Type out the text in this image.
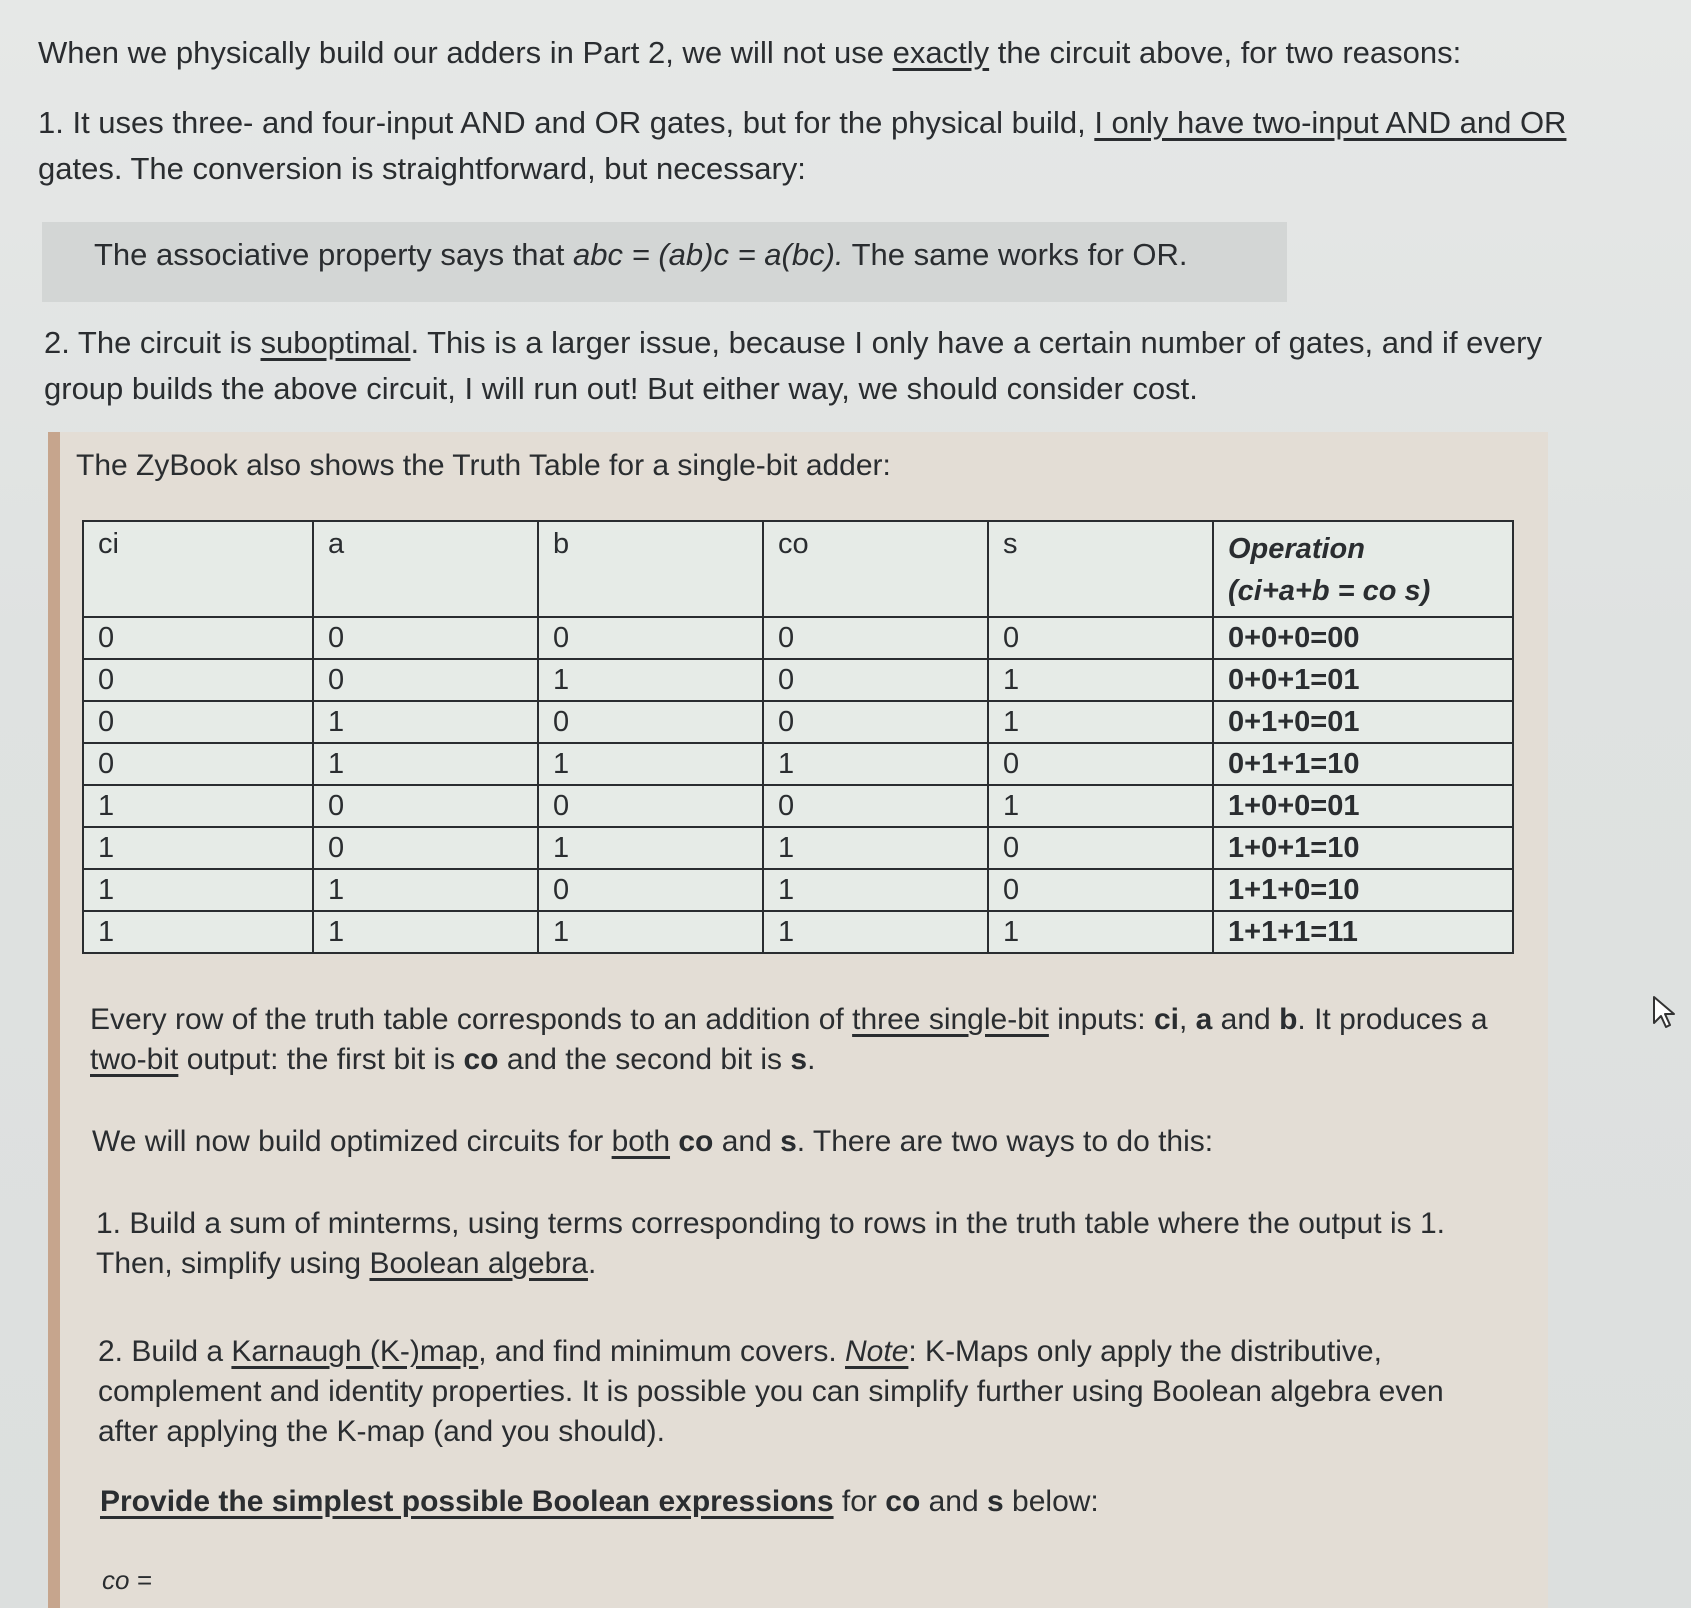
When we physically build our adders in Part 2, we will not use exactly the circuit above, for two reasons:

1. It uses three- and four-input AND and OR gates, but for the physical build, I only have two-input AND and OR gates. The conversion is straightforward, but necessary:

The associative property says that abc = (ab)c = a(bc). The same works for OR.

2. The circuit is suboptimal. This is a larger issue, because I only have a certain number of gates, and if every group builds the above circuit, I will run out! But either way, we should consider cost.

The ZyBook also shows the Truth Table for a single-bit adder:

ci	a	b	co	s	Operation
(ci+a+b = co s)
0	0	0	0	0	0+0+0=00
0	0	1	0	1	0+0+1=01
0	1	0	0	1	0+1+0=01
0	1	1	1	0	0+1+1=10
1	0	0	0	1	1+0+0=01
1	0	1	1	0	1+0+1=10
1	1	0	1	0	1+1+0=10
1	1	1	1	1	1+1+1=11

Every row of the truth table corresponds to an addition of three single-bit inputs: ci, a and b. It produces a two-bit output: the first bit is co and the second bit is s.

We will now build optimized circuits for both co and s. There are two ways to do this:

1. Build a sum of minterms, using terms corresponding to rows in the truth table where the output is 1. Then, simplify using Boolean algebra.

2. Build a Karnaugh (K-)map, and find minimum covers. Note: K-Maps only apply the distributive, complement and identity properties. It is possible you can simplify further using Boolean algebra even after applying the K-map (and you should).

Provide the simplest possible Boolean expressions for co and s below:

co =
